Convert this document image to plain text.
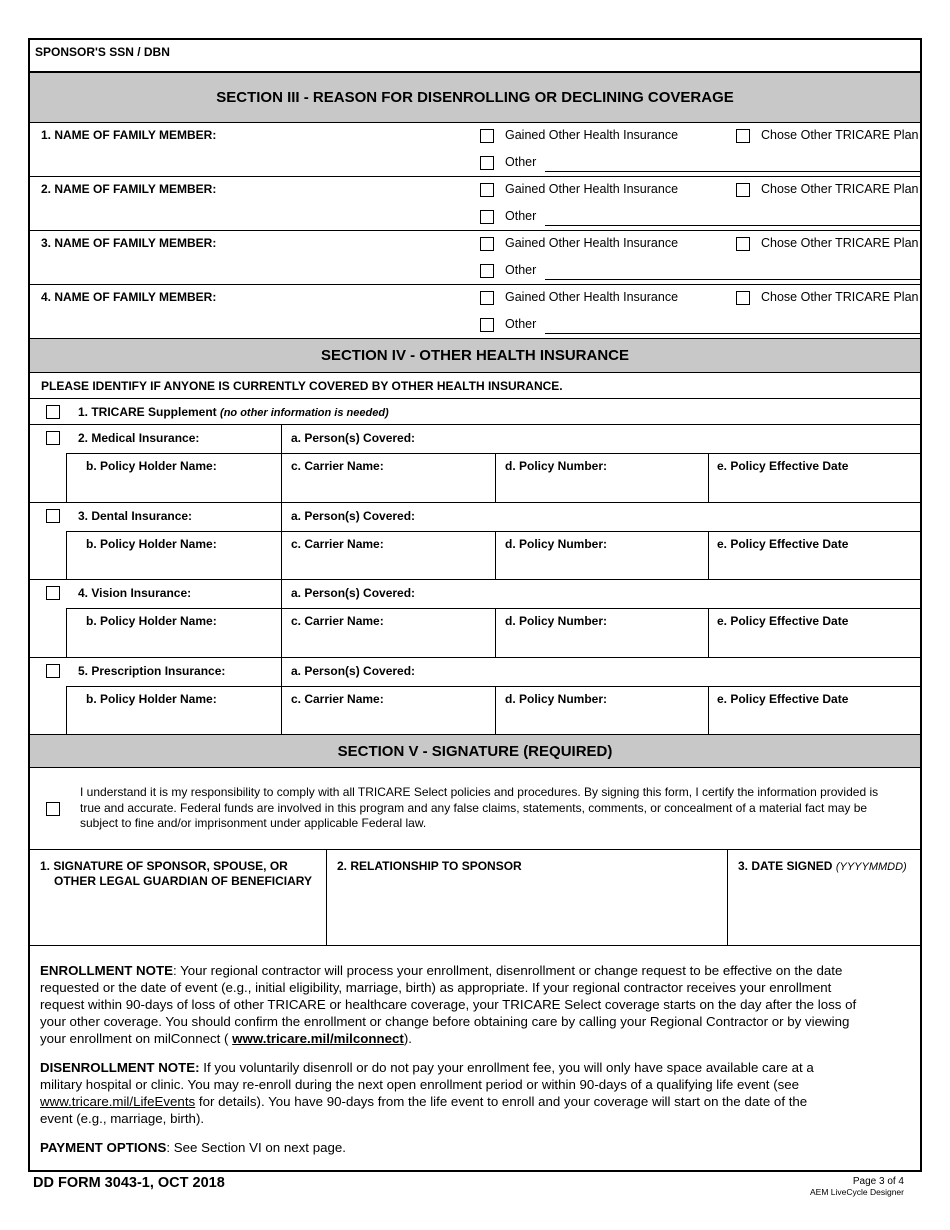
SPONSOR'S SSN / DBN
SECTION III - REASON FOR DISENROLLING OR DECLINING COVERAGE
1. NAME OF FAMILY MEMBER:	Gained Other Health Insurance	Chose Other TRICARE Plan
Other
2. NAME OF FAMILY MEMBER:	Gained Other Health Insurance	Chose Other TRICARE Plan
Other
3. NAME OF FAMILY MEMBER:	Gained Other Health Insurance	Chose Other TRICARE Plan
Other
4. NAME OF FAMILY MEMBER:	Gained Other Health Insurance	Chose Other TRICARE Plan
Other
SECTION IV - OTHER HEALTH INSURANCE
PLEASE IDENTIFY IF ANYONE IS CURRENTLY COVERED BY OTHER HEALTH INSURANCE.
1. TRICARE Supplement (no other information is needed)
2. Medical Insurance:	a. Person(s) Covered:
b. Policy Holder Name:	c. Carrier Name:	d. Policy Number:	e. Policy Effective Date
3. Dental Insurance:	a. Person(s) Covered:
b. Policy Holder Name:	c. Carrier Name:	d. Policy Number:	e. Policy Effective Date
4. Vision Insurance:	a. Person(s) Covered:
b. Policy Holder Name:	c. Carrier Name:	d. Policy Number:	e. Policy Effective Date
5. Prescription Insurance:	a. Person(s) Covered:
b. Policy Holder Name:	c. Carrier Name:	d. Policy Number:	e. Policy Effective Date
SECTION V - SIGNATURE (REQUIRED)
I understand it is my responsibility to comply with all TRICARE Select policies and procedures. By signing this form, I certify the information provided is
true and accurate. Federal funds are involved in this program and any false claims, statements, comments, or concealment of a material fact may be
subject to fine and/or imprisonment under applicable Federal law.
1. SIGNATURE OF SPONSOR, SPOUSE, OR
OTHER LEGAL GUARDIAN OF BENEFICIARY
2. RELATIONSHIP TO SPONSOR	3. DATE SIGNED (YYYYMMDD)
ENROLLMENT NOTE: Your regional contractor will process your enrollment, disenrollment or change request to be effective on the date
requested or the date of event (e.g., initial eligibility, marriage, birth) as appropriate. If your regional contractor receives your enrollment
request within 90-days of loss of other TRICARE or healthcare coverage, your TRICARE Select coverage starts on the day after the loss of
your other coverage. You should confirm the enrollment or change before obtaining care by calling your Regional Contractor or by viewing
your enrollment on milConnect ( www.tricare.mil/milconnect).
DISENROLLMENT NOTE: If you voluntarily disenroll or do not pay your enrollment fee, you will only have space available care at a
military hospital or clinic. You may re-enroll during the next open enrollment period or within 90-days of a qualifying life event (see
www.tricare.mil/LifeEvents for details). You have 90-days from the life event to enroll and your coverage will start on the date of the
event (e.g., marriage, birth).
PAYMENT OPTIONS: See Section VI on next page.
DD FORM 3043-1, OCT 2018	Page 3 of 4
AEM LiveCycle Designer
